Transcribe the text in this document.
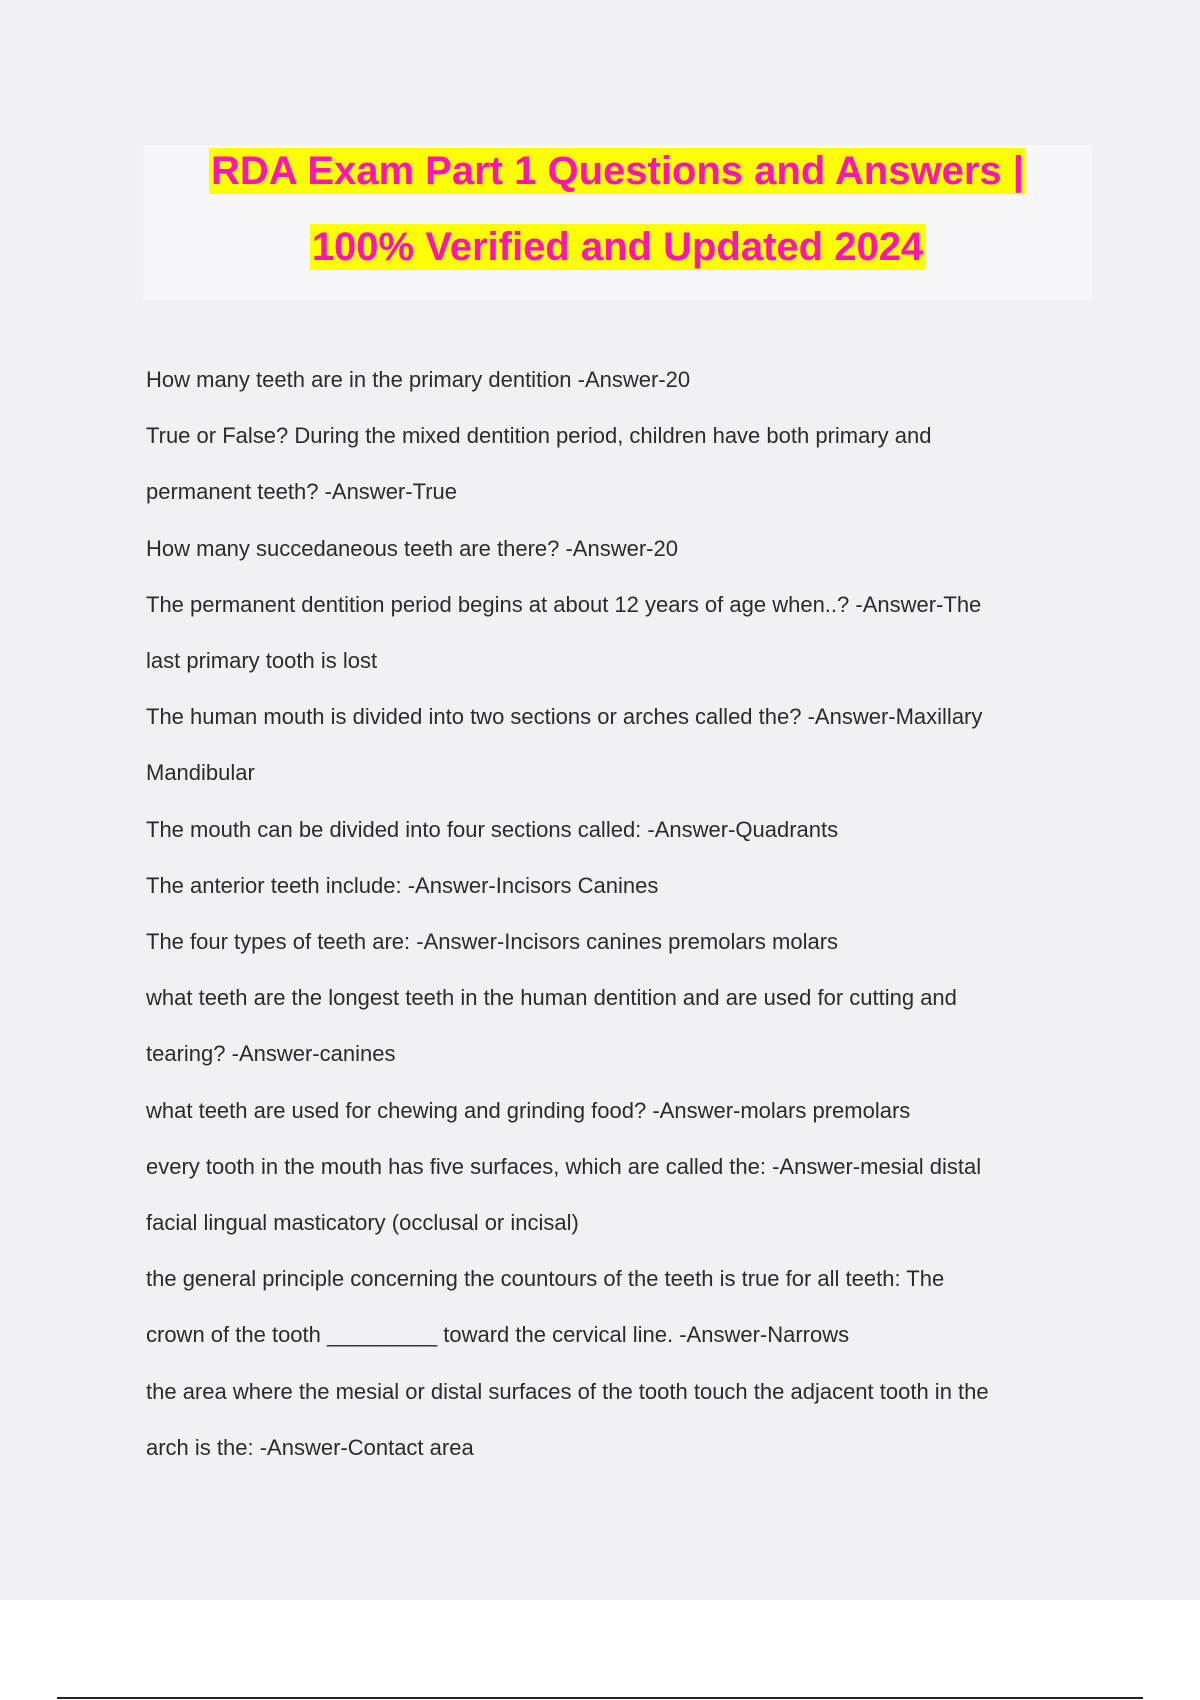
RDA Exam Part 1 Questions and Answers |
100% Verified and Updated 2024
How many teeth are in the primary dentition -Answer-20
True or False? During the mixed dentition period, children have both primary and
permanent teeth? -Answer-True
How many succedaneous teeth are there? -Answer-20
The permanent dentition period begins at about 12 years of age when..? -Answer-The
last primary tooth is lost
The human mouth is divided into two sections or arches called the? -Answer-Maxillary
Mandibular
The mouth can be divided into four sections called: -Answer-Quadrants
The anterior teeth include: -Answer-Incisors Canines
The four types of teeth are: -Answer-Incisors canines premolars molars
what teeth are the longest teeth in the human dentition and are used for cutting and
tearing? -Answer-canines
what teeth are used for chewing and grinding food? -Answer-molars premolars
every tooth in the mouth has five surfaces, which are called the: -Answer-mesial distal
facial lingual masticatory (occlusal or incisal)
the general principle concerning the countours of the teeth is true for all teeth: The
crown of the tooth _________ toward the cervical line. -Answer-Narrows
the area where the mesial or distal surfaces of the tooth touch the adjacent tooth in the
arch is the: -Answer-Contact area
